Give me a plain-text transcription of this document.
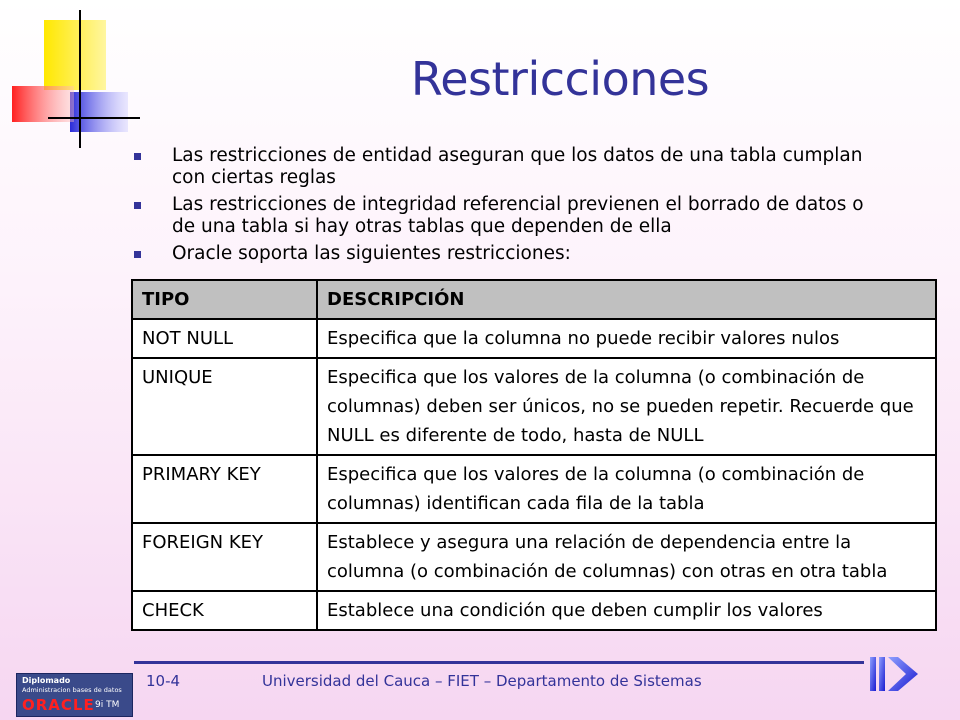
Restricciones
Las restricciones de entidad aseguran que los datos de una tabla cumplan con ciertas reglas
Las restricciones de integridad referencial previenen el borrado de datos o de una tabla si hay otras tablas que dependen de ella
Oracle soporta las siguientes restricciones:
TIPO	DESCRIPCIÓN
NOT NULL	Especifica que la columna no puede recibir valores nulos
UNIQUE	Especifica que los valores de la columna (o combinación de columnas) deben ser únicos, no se pueden repetir. Recuerde que NULL es diferente de todo, hasta de NULL
PRIMARY KEY	Especifica que los valores de la columna (o combinación de columnas) identifican cada fila de la tabla
FOREIGN KEY	Establece y asegura una relación de dependencia entre la columna (o combinación de columnas) con otras en otra tabla
CHECK	Establece una condición que deben cumplir los valores
Diplomado
Administracion bases de datos
ORACLE 9i TM
10-4	Universidad del Cauca – FIET – Departamento de Sistemas
